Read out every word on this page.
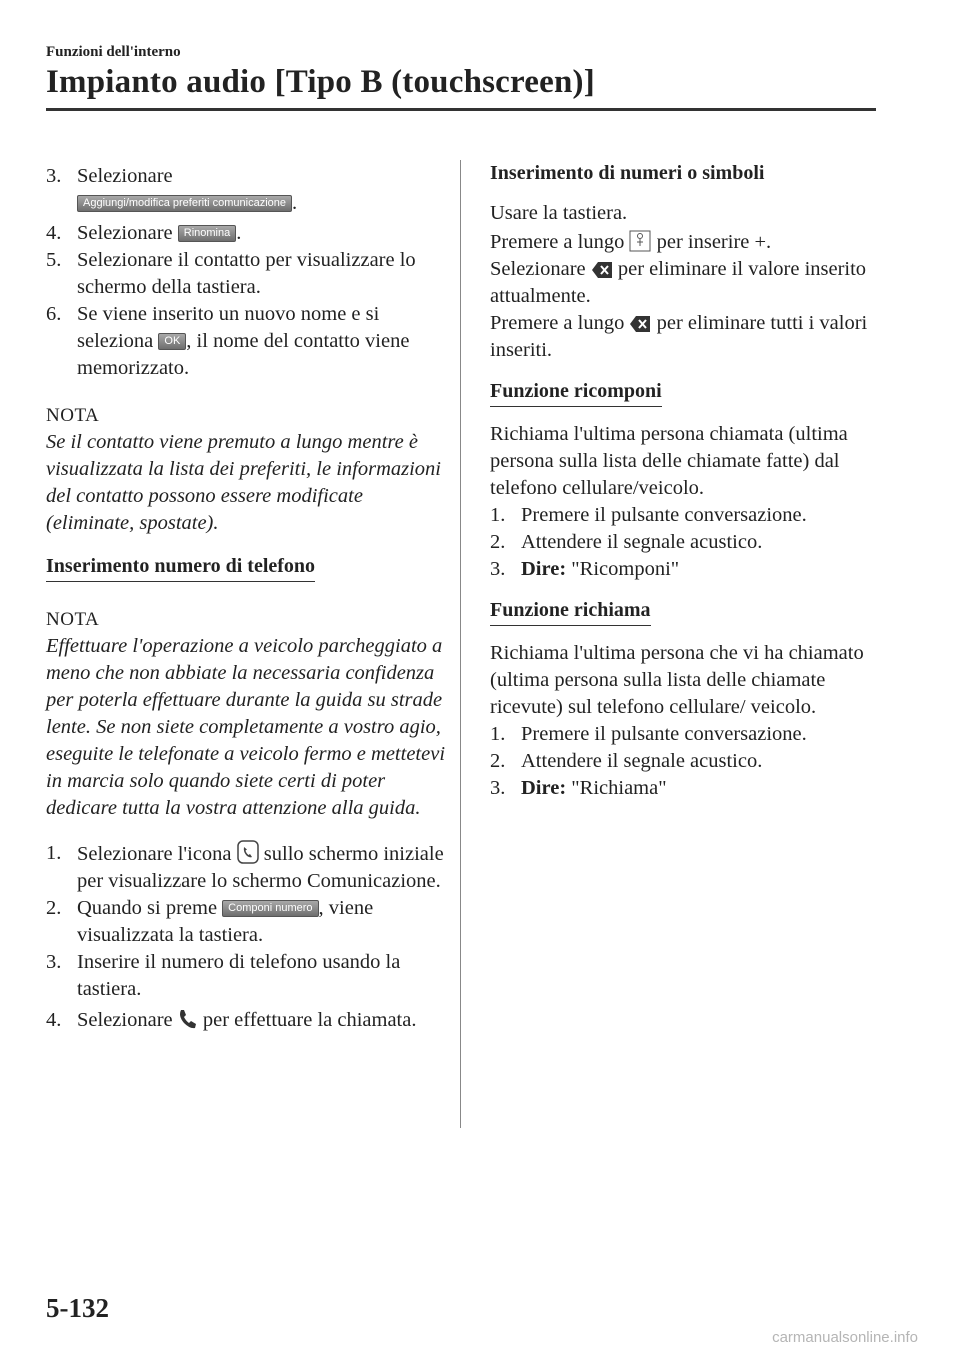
Funzioni dell'interno
Impianto audio [Tipo B (touchscreen)]
3. Selezionare
Aggiungi/modifica preferiti comunicazione .
4. Selezionare Rinomina .
5. Selezionare il contatto per visualizzare lo schermo della tastiera.
6. Se viene inserito un nuovo nome e si seleziona OK , il nome del contatto viene memorizzato.

NOTA

Se il contatto viene premuto a lungo mentre è visualizzata la lista dei preferiti, le informazioni del contatto possono essere modificate (eliminate, spostate).

Inserimento numero di telefono

NOTA

Effettuare l'operazione a veicolo parcheggiato a meno che non abbiate la necessaria confidenza per poterla effettuare durante la guida su strade lente. Se non siete completamente a vostro agio, eseguite le telefonate a veicolo fermo e mettetevi in marcia solo quando siete certi di poter dedicare tutta la vostra attenzione alla guida.

1. Selezionare l'icona sullo schermo iniziale per visualizzare lo schermo Comunicazione.
2. Quando si preme Componi numero , viene visualizzata la tastiera.
3. Inserire il numero di telefono usando la tastiera.
4. Selezionare per effettuare la chiamata.

Inserimento di numeri o simboli

Usare la tastiera.

Premere a lungo per inserire +.

Selezionare per eliminare il valore inserito attualmente.

Premere a lungo per eliminare tutti i valori inseriti.

Funzione ricomponi

Richiama l'ultima persona chiamata (ultima persona sulla lista delle chiamate fatte) dal telefono cellulare/veicolo.

1. Premere il pulsante conversazione.
2. Attendere il segnale acustico.
3. Dire: "Ricomponi"
Funzione richiama

Richiama l'ultima persona che vi ha chiamato (ultima persona sulla lista delle chiamate ricevute) sul telefono cellulare/ veicolo.

1. Premere il pulsante conversazione.
2. Attendere il segnale acustico.
3. Dire: "Richiama"
5-132
carmanualsonline.info
